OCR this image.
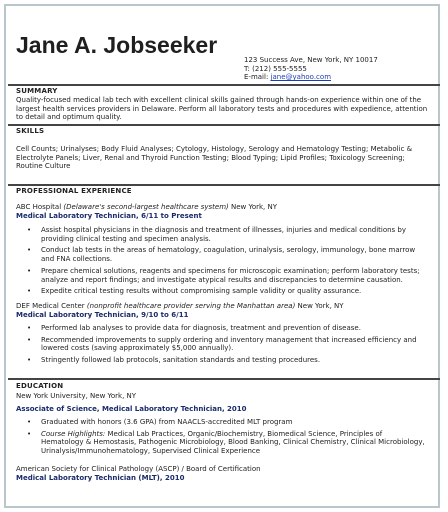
Jane A. Jobseeker
123 Success Ave, New York, NY 10017
T: (212) 555-5555
E-mail: jane@yahoo.com
SUMMARY

Quality-focused medical lab tech with excellent clinical skills gained through hands-on experience within one of the largest health services providers in Delaware. Perform all laboratory tests and procedures with expedience, attention to detail and optimum quality.

SKILLS

Cell Counts; Urinalyses; Body Fluid Analyses; Cytology, Histology, Serology and Hematology Testing; Metabolic & Electrolyte Panels; Liver, Renal and Thyroid Function Testing; Blood Typing; Lipid Profiles; Toxicology Screening; Routine Culture

PROFESSIONAL EXPERIENCE
ABC Hospital (Delaware's second-largest healthcare system) New York, NY
Medical Laboratory Technician, 6/11 to Present
• Assist hospital physicians in the diagnosis and treatment of illnesses, injuries and medical conditions by providing clinical testing and specimen analysis.
• Conduct lab tests in the areas of hematology, coagulation, urinalysis, serology, immunology, bone marrow and FNA collections.
• Prepare chemical solutions, reagents and specimens for microscopic examination; perform laboratory tests; analyze and report findings; and investigate atypical results and discrepancies to determine causation.
• Expedite critical testing results without compromising sample validity or quality assurance.
DEF Medical Center (nonprofit healthcare provider serving the Manhattan area) New York, NY
Medical Laboratory Technician, 9/10 to 6/11
• Performed lab analyses to provide data for diagnosis, treatment and prevention of disease.
• Recommended improvements to supply ordering and inventory management that increased efficiency and lowered costs (saving approximately $5,000 annually).
• Stringently followed lab protocols, sanitation standards and testing procedures.
EDUCATION
New York University, New York, NY
Associate of Science, Medical Laboratory Technician, 2010
• Graduated with honors (3.6 GPA) from NAACLS-accredited MLT program
• Course Highlights: Medical Lab Practices, Organic/Biochemistry, Biomedical Science, Principles of Hematology & Hemostasis, Pathogenic Microbiology, Blood Banking, Clinical Chemistry, Clinical Microbiology, Urinalysis/Immunohematology, Supervised Clinical Experience
American Society for Clinical Pathology (ASCP) / Board of Certification
Medical Laboratory Technician (MLT), 2010
